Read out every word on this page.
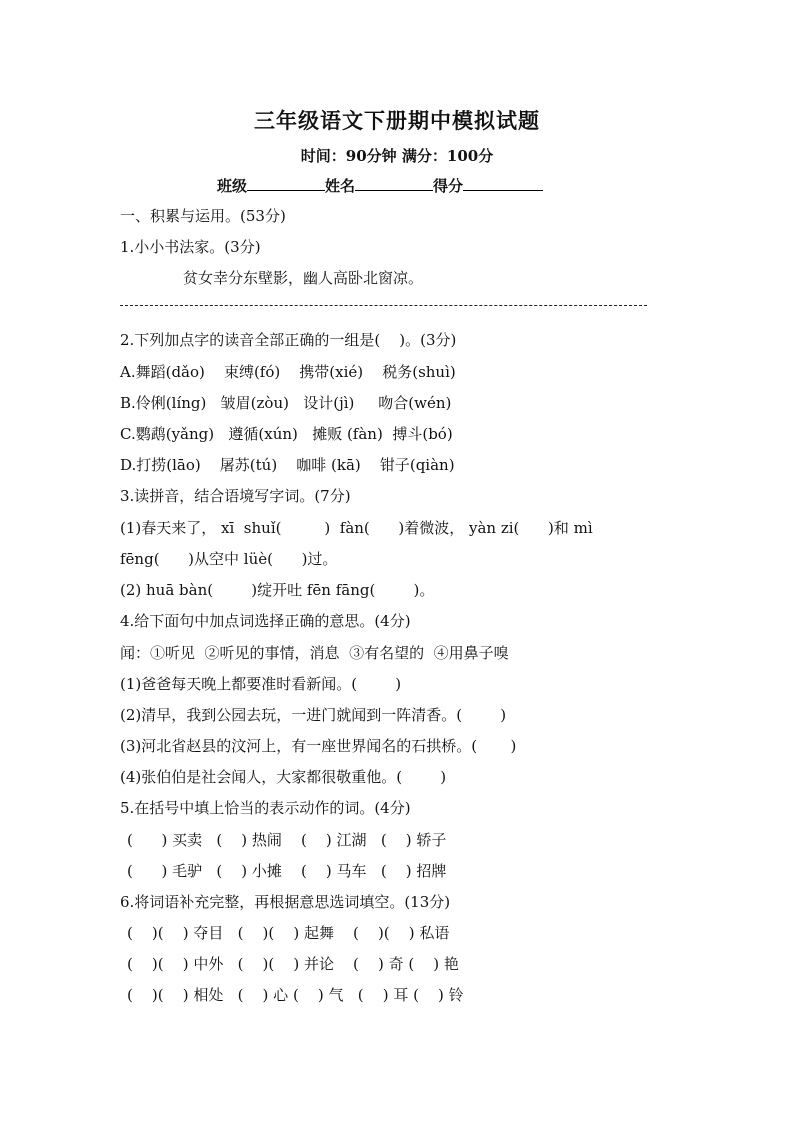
三年级语文下册期中模拟试题
时间：90分钟 满分：100分
班级	姓名	得分
一、积累与运用。(53分)
1.小小书法家。(3分)
贫女幸分东壁影，幽人高卧北窗凉。
2.下列加点字的读音全部正确的一组是(    )。(3分)
A.舞蹈(dǎo)    束缚(fó)    携带(xié)    税务(shuì)
B.伶俐(líng)   皱眉(zòu)   设计(jì)     吻合(wén)
C.鹦鹉(yǎng)   遵循(xún)   摊贩 (fàn)  搏斗(bó)
D.打捞(lāo)    屠苏(tú)    咖啡 (kā)    钳子(qiàn)
3.读拼音，结合语境写字词。(7分)
(1)春天来了， xī  shuǐ(         )  fàn(      )着微波， yàn zi(      )和 mì
fēng(      )从空中 lüè(      )过。
(2) huā bàn(        )绽开吐 fēn fāng(        )。
4.给下面句中加点词选择正确的意思。(4分)
闻：①听见  ②听见的事情，消息  ③有名望的  ④用鼻子嗅
(1)爸爸每天晚上都要准时看新闻。(        )
(2)清早，我到公园去玩，一进门就闻到一阵清香。(        )
(3)河北省赵县的汶河上，有一座世界闻名的石拱桥。(       )
(4)张伯伯是社会闻人，大家都很敬重他。(        )
5.在括号中填上恰当的表示动作的词。(4分)
(      ) 买卖   (    ) 热闹    (    ) 江湖   (    ) 轿子
(      ) 毛驴   (    ) 小摊    (    ) 马车   (    ) 招牌
6.将词语补充完整，再根据意思选词填空。(13分)
(    )(    ) 夺目   (    )(    ) 起舞    (    )(    ) 私语
(    )(    ) 中外   (    )(    ) 并论    (    ) 奇 (    ) 艳
(    )(    ) 相处   (    ) 心 (    ) 气   (    ) 耳 (    ) 铃
